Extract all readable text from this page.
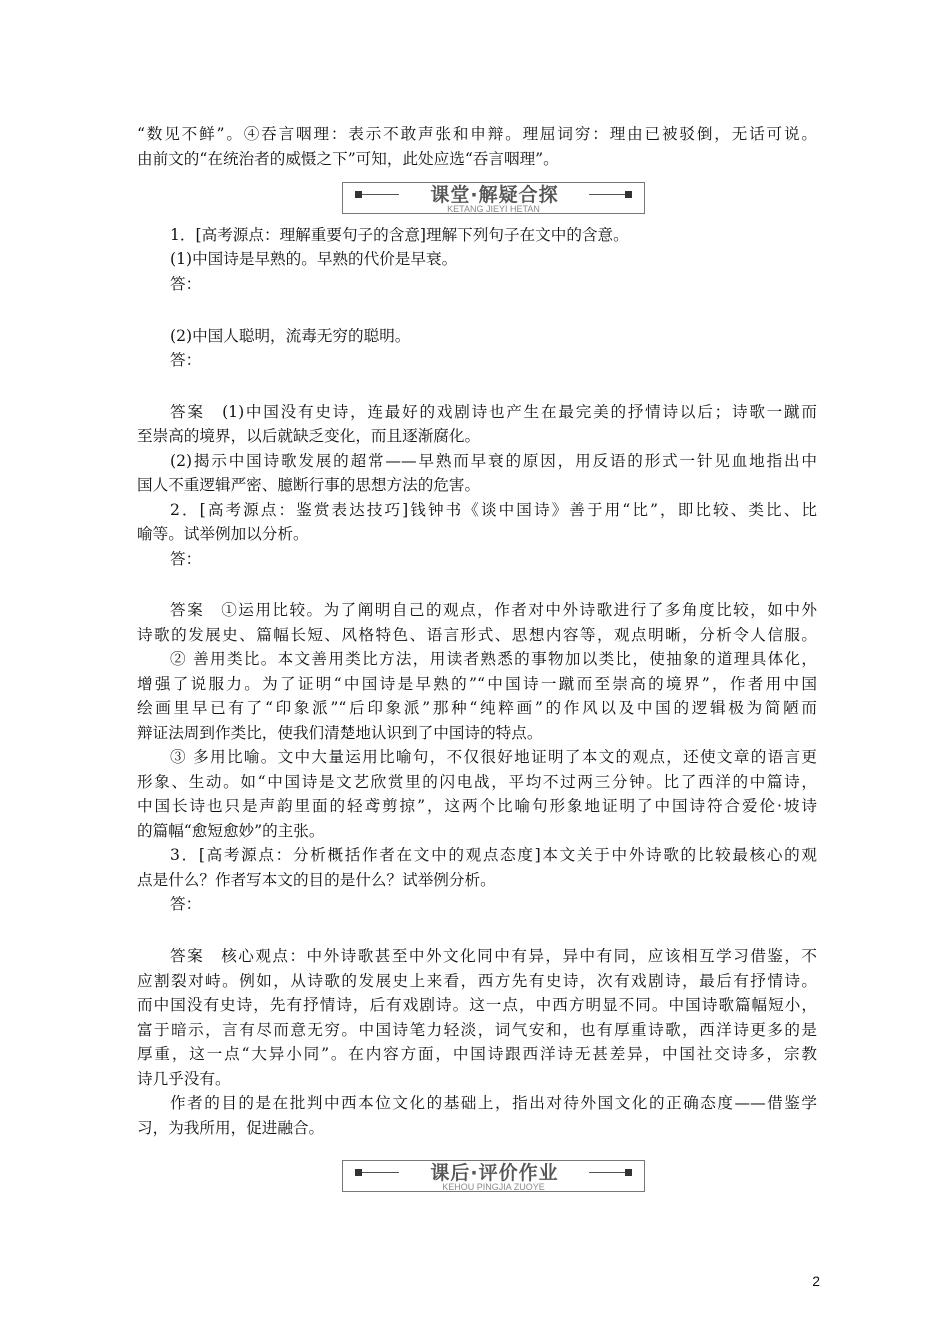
“数见不鲜”。④吞言咽理：表示不敢声张和申辩。理屈词穷：理由已被驳倒，无话可说。
由前文的“在统治者的威慑之下”可知，此处应选“吞言咽理”。
课堂·解疑合探
KETANG JIEYI HETAN
1．[高考源点：理解重要句子的含意]理解下列句子在文中的含意。
(1)中国诗是早熟的。早熟的代价是早衰。
答：
(2)中国人聪明，流毒无穷的聪明。
答：
答案　(1)中国没有史诗，连最好的戏剧诗也产生在最完美的抒情诗以后；诗歌一蹴而
至崇高的境界，以后就缺乏变化，而且逐渐腐化。
(2)揭示中国诗歌发展的超常——早熟而早衰的原因，用反语的形式一针见血地指出中
国人不重逻辑严密、臆断行事的思想方法的危害。
2．[高考源点：鉴赏表达技巧]钱钟书《谈中国诗》善于用“比”，即比较、类比、比
喻等。试举例加以分析。
答：
答案　①运用比较。为了阐明自己的观点，作者对中外诗歌进行了多角度比较，如中外
诗歌的发展史、篇幅长短、风格特色、语言形式、思想内容等，观点明晰，分析令人信服。
② 善用类比。本文善用类比方法，用读者熟悉的事物加以类比，使抽象的道理具体化，
增强了说服力。为了证明“中国诗是早熟的”“中国诗一蹴而至崇高的境界”，作者用中国
绘画里早已有了“印象派”“后印象派”那种“纯粹画”的作风以及中国的逻辑极为简陋而
辩证法周到作类比，使我们清楚地认识到了中国诗的特点。
③ 多用比喻。文中大量运用比喻句，不仅很好地证明了本文的观点，还使文章的语言更
形象、生动。如“中国诗是文艺欣赏里的闪电战，平均不过两三分钟。比了西洋的中篇诗，
中国长诗也只是声韵里面的轻鸢剪掠”，这两个比喻句形象地证明了中国诗符合爱伦·坡诗
的篇幅“愈短愈妙”的主张。
3．[高考源点：分析概括作者在文中的观点态度]本文关于中外诗歌的比较最核心的观
点是什么？作者写本文的目的是什么？试举例分析。
答：
答案　核心观点：中外诗歌甚至中外文化同中有异，异中有同，应该相互学习借鉴，不
应割裂对峙。例如，从诗歌的发展史上来看，西方先有史诗，次有戏剧诗，最后有抒情诗。
而中国没有史诗，先有抒情诗，后有戏剧诗。这一点，中西方明显不同。中国诗歌篇幅短小，
富于暗示，言有尽而意无穷。中国诗笔力轻淡，词气安和，也有厚重诗歌，西洋诗更多的是
厚重，这一点“大异小同”。在内容方面，中国诗跟西洋诗无甚差异，中国社交诗多，宗教
诗几乎没有。
作者的目的是在批判中西本位文化的基础上，指出对待外国文化的正确态度——借鉴学
习，为我所用，促进融合。
课后·评价作业
KEHOU PINGJIA ZUOYE
2
